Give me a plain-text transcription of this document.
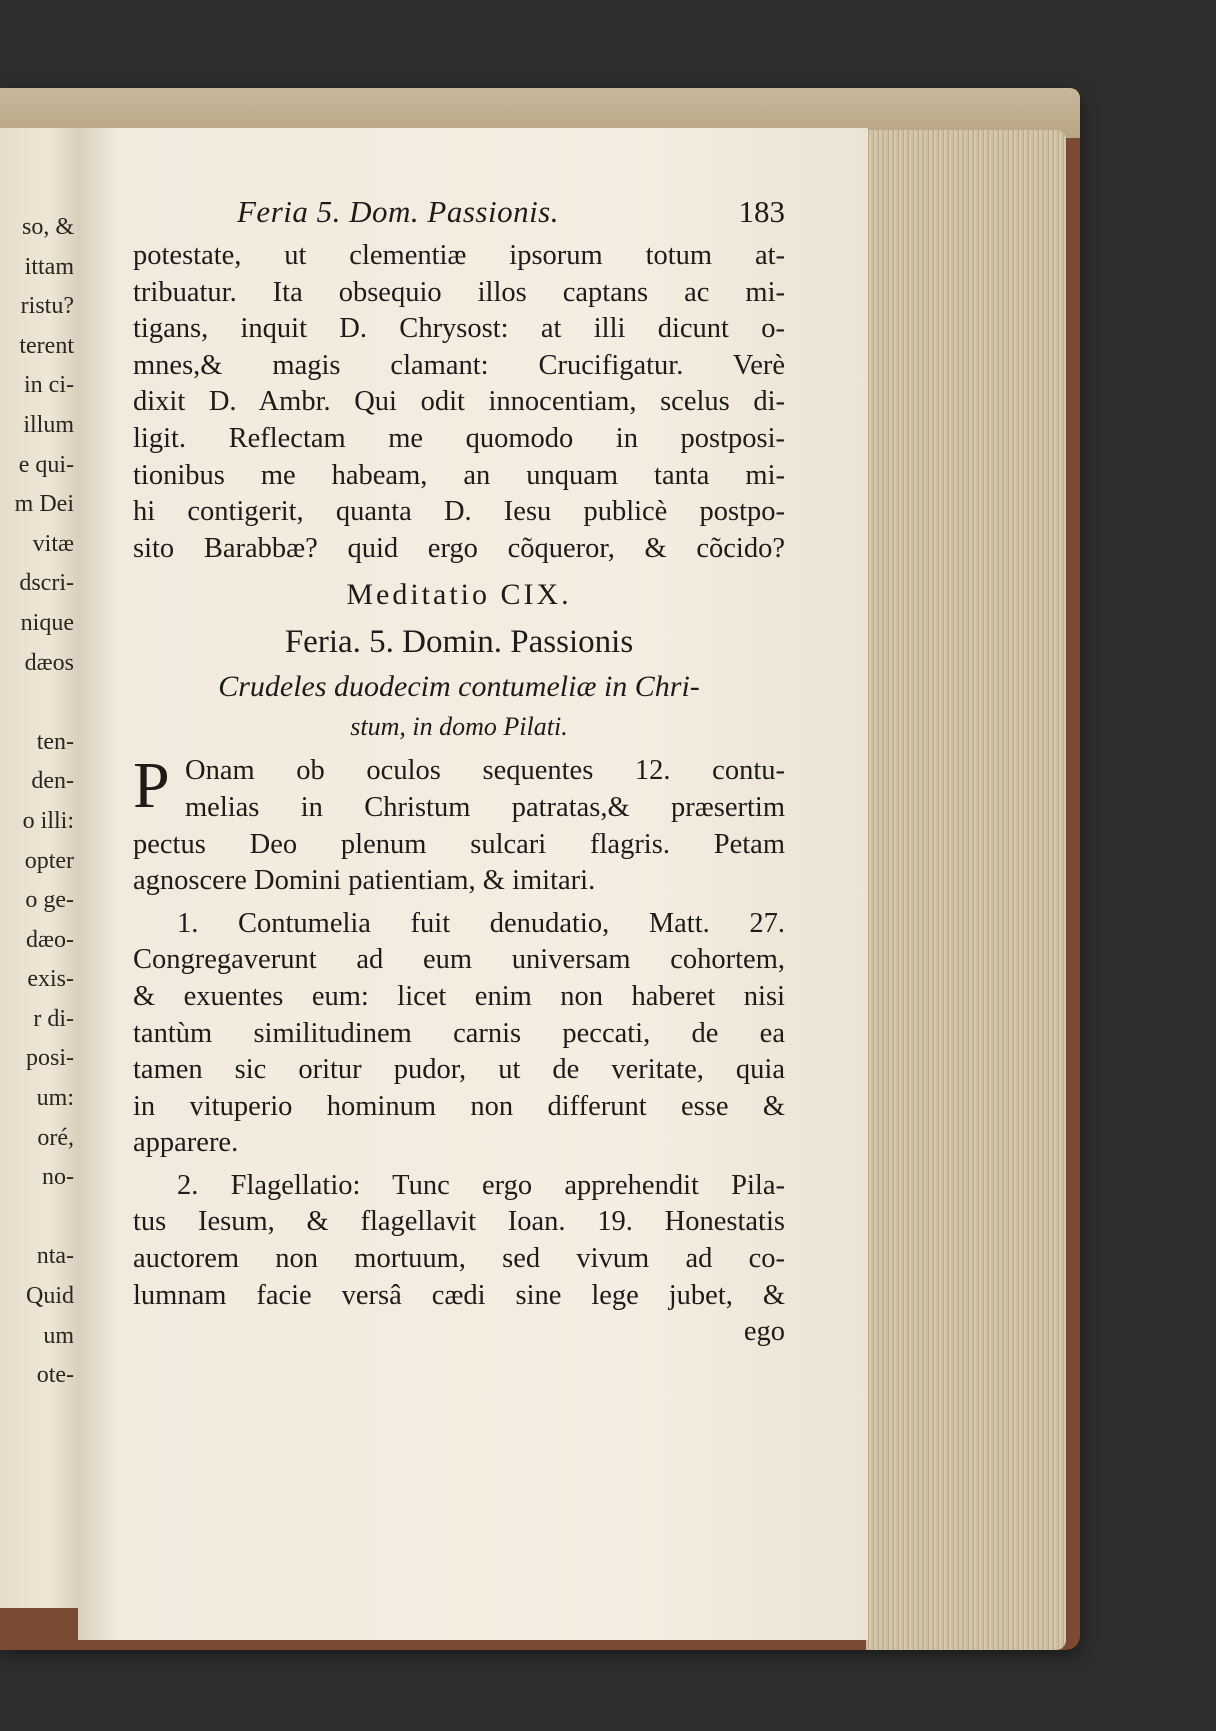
so, &
ittam
ristu?
terent
in ci-
illum
e qui-
m Dei
vitæ
dscri-
nique
dæos
ten-
den-
o illi:
opter
o ge-
dæo-
exis-
r di-
posi-
um:
oré,
no-
nta-
Quid
um
ote-
Feria 5. Dom. Passionis.	183
potestate, ut clementiæ ipsorum totum at-
tribuatur. Ita obsequio illos captans ac mi-
tigans, inquit D. Chrysost: at illi dicunt o-
mnes,& magis clamant: Crucifigatur. Verè
dixit D. Ambr. Qui odit innocentiam, scelus di-
ligit. Reflectam me quomodo in postposi-
tionibus me habeam, an unquam tanta mi-
hi contigerit, quanta D. Iesu publicè postpo-
sito Barabbæ? quid ergo cõqueror, & cõcido?
Meditatio CIX.
Feria. 5. Domin. Passionis
Crudeles duodecim contumeliæ in Chri-
stum, in domo Pilati.
P Onam ob oculos sequentes 12. contu-
melias in Christum patratas,& præsertim
pectus Deo plenum sulcari flagris. Petam
agnoscere Domini patientiam, & imitari.
1. Contumelia fuit denudatio, Matt. 27.
Congregaverunt ad eum universam cohortem,
& exuentes eum: licet enim non haberet nisi
tantùm similitudinem carnis peccati, de ea
tamen sic oritur pudor, ut de veritate, quia
in vituperio hominum non differunt esse &
apparere.
2. Flagellatio: Tunc ergo apprehendit Pila-
tus Iesum, & flagellavit Ioan. 19. Honestatis
auctorem non mortuum, sed vivum ad co-
lumnam facie versâ cædi sine lege jubet, &
ego
